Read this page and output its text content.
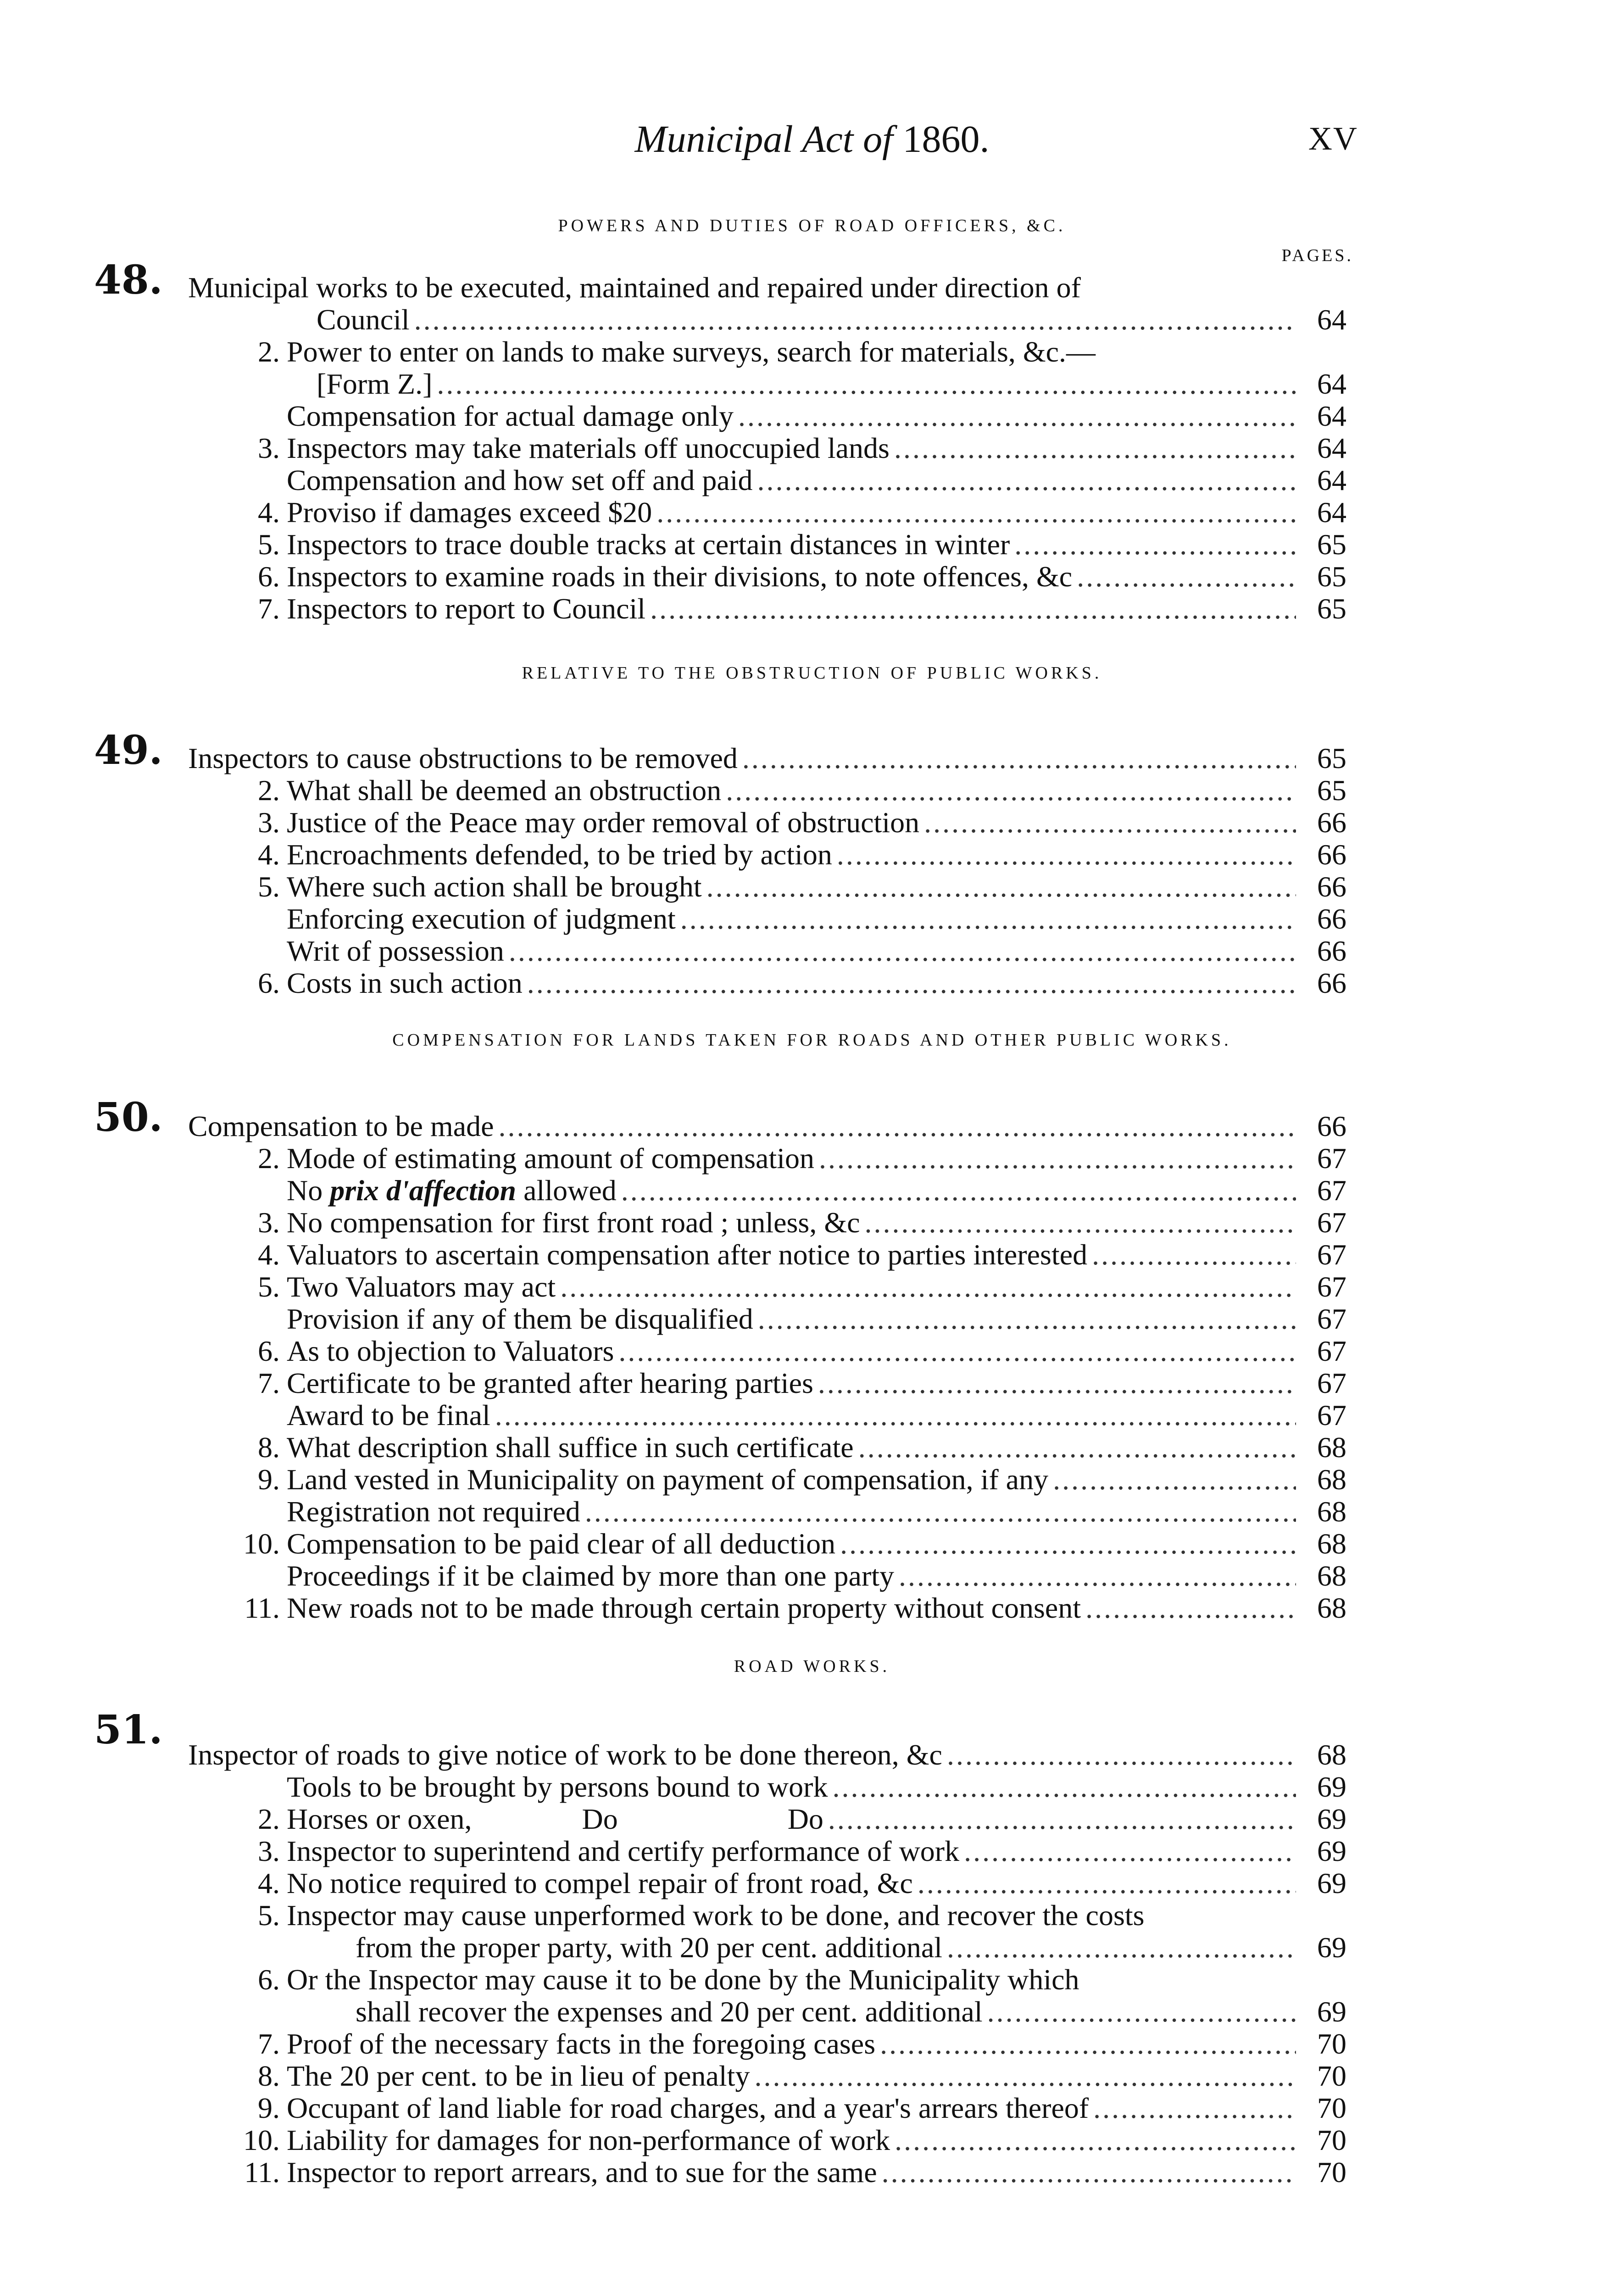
Municipal Act of 1860.	XV
POWERS AND DUTIES OF ROAD OFFICERS, &C.
PAGES.
48. Municipal works to be executed, maintained and repaired under direction of
Council .....	64
2. Power to enter on lands to make surveys, search for materials, &c.—
[Form Z.] .....	64
Compensation for actual damage only .....	64
3. Inspectors may take materials off unoccupied lands .....	64
Compensation and how set off and paid .....	64
4. Proviso if damages exceed $20 .....	64
5. Inspectors to trace double tracks at certain distances in winter .....	65
6. Inspectors to examine roads in their divisions, to note offences, &c .....	65
7. Inspectors to report to Council .....	65
RELATIVE TO THE OBSTRUCTION OF PUBLIC WORKS.
49. Inspectors to cause obstructions to be removed .....	65
2. What shall be deemed an obstruction .....	65
3. Justice of the Peace may order removal of obstruction .....	66
4. Encroachments defended, to be tried by action .....	66
5. Where such action shall be brought .....	66
Enforcing execution of judgment .....	66
Writ of possession .....	66
6. Costs in such action .....	66
COMPENSATION FOR LANDS TAKEN FOR ROADS AND OTHER PUBLIC WORKS.
50. Compensation to be made .....	66
2. Mode of estimating amount of compensation .....	67
No prix d'affection allowed .....	67
3. No compensation for first front road ; unless, &c .....	67
4. Valuators to ascertain compensation after notice to parties interested .....	67
5. Two Valuators may act .....	67
Provision if any of them be disqualified .....	67
6. As to objection to Valuators .....	67
7. Certificate to be granted after hearing parties .....	67
Award to be final .....	67
8. What description shall suffice in such certificate .....	68
9. Land vested in Municipality on payment of compensation, if any .....	68
Registration not required .....	68
10. Compensation to be paid clear of all deduction .....	68
Proceedings if it be claimed by more than one party .....	68
11. New roads not to be made through certain property without consent .....	68
ROAD WORKS.
51.
Inspector of roads to give notice of work to be done thereon, &c .....	68
Tools to be brought by persons bound to work .....	69
2. Horses or oxen,	Do	Do .....	69
3. Inspector to superintend and certify performance of work .....	69
4. No notice required to compel repair of front road, &c .....	69
5. Inspector may cause unperformed work to be done, and recover the costs
from the proper party, with 20 per cent. additional .....	69
6. Or the Inspector may cause it to be done by the Municipality which
shall recover the expenses and 20 per cent. additional .....	69
7. Proof of the necessary facts in the foregoing cases .....	70
8. The 20 per cent. to be in lieu of penalty .....	70
9. Occupant of land liable for road charges, and a year's arrears thereof .....	70
10. Liability for damages for non-performance of work .....	70
11. Inspector to report arrears, and to sue for the same .....	70
